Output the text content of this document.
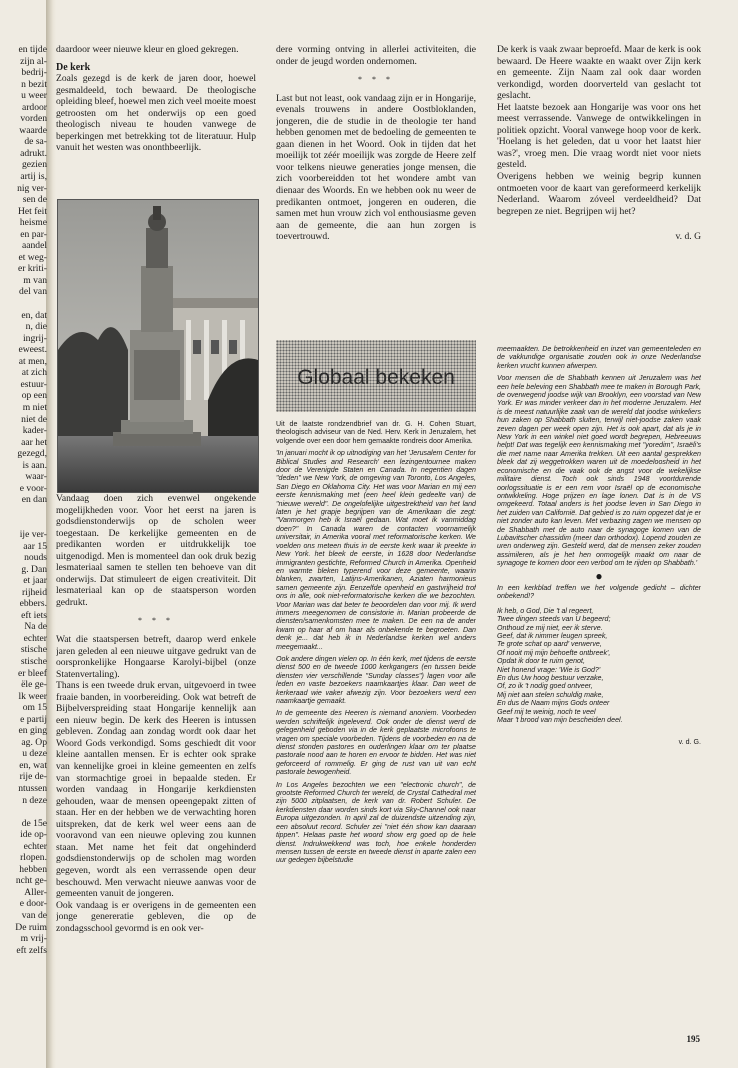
en tijde
zijn al-
bedrij-
n bezit
u weer
ardoor
vorden
waarde
de sa-
adrukt.
gezien
artij is,
nig ver-
sen de
Het feit
heisme
en par-
aandel
et weg-
er kriti-
m van
del van
en, dat
n, die
ingrij-
eweest.
at men,
at zich
estuur-
op een
m niet
niet de
kader-
aar het
gezegd,
is aan.
waar-
e voor-
en dan
ije ver-
aar 15
nouds
g. Dan
et jaar
rijheid
ebbers.
eft iets
Na de
echter
stische
stische
er bleef
ële ge-
lk weer
om 15
e partij
en ging
ag. Op
u deze
en, wat
rije de-
ntussen
n deze
de 15e
ide op-
echter
rlopen.
hebben
ncht ge-
Aller-
e door-
van de
De ruim
m vrij-
eft zelfs

daardoor weer nieuwe kleur en gloed gekregen.

De kerk

Zoals gezegd is de kerk de jaren door, hoewel gesmaldeeld, toch bewaard. De theologische opleiding bleef, hoewel men zich veel moeite moest getroosten om het onderwijs op een goed theologisch niveau te houden vanwege de beperkingen met betrekking tot de literatuur. Hulp vanuit het westen was ononthbeerlijk.

Vandaag doen zich evenwel ongekende mogelijkheden voor. Voor het eerst na jaren is godsdienstonderwijs op de scholen weer toegestaan. De kerkelijke gemeenten en de predikanten worden er uitdrukkelijk toe uitgenodigd. Men is momenteel dan ook druk bezig lesmateriaal samen te stellen ten behoeve van dit onderwijs. Dat stimuleert de eigen creativiteit. Dit lesmateriaal kan op de staatsperson worden gedrukt.

* * *

Wat die staatspersen betreft, daarop werd enkele jaren geleden al een nieuwe uitgave gedrukt van de oorspronkelijke Hongaarse Karolyi-bijbel (onze Statenvertaling).

Thans is een tweede druk ervan, uitgevoerd in twee fraaie banden, in voorbereiding. Ook wat betreft de Bijbelverspreiding staat Hongarije kennelijk aan een nieuw begin. De kerk des Heeren is intussen gebleven. Zondag aan zondag wordt ook daar het Woord Gods verkondigd. Soms geschiedt dit voor kleine aantallen mensen. Er is echter ook sprake van kennelijke groei in kleine gemeenten en zelfs van stormachtige groei in bepaalde steden. Er worden vandaag in Hongarije kerkdiensten gehouden, waar de mensen opeengepakt zitten of staan. Her en der hebben we de verwachting horen uitspreken, dat de kerk wel weer eens aan de vooravond van een nieuwe opleving zou kunnen staan. Met name het feit dat ongehinderd godsdienstonderwijs op de scholen mag worden gegeven, wordt als een verrassende open deur beschouwd. Men verwacht nieuwe aanwas voor de gemeenten vanuit de jongeren.

Ook vandaag is er overigens in de gemeenten een jonge genereratie gebleven, die op de zondagsschool gevormd is en ook ver-

dere vorming ontving in allerlei activiteiten, die onder de jeugd worden ondernomen.

* * *

Last but not least, ook vandaag zijn er in Hongarije, evenals trouwens in andere Oostbloklanden, jongeren, die de studie in de theologie ter hand hebben genomen met de bedoeling de gemeenten te gaan dienen in het Woord. Ook in tijden dat het moeilijk tot zéér moeilijk was zorgde de Heere zelf voor telkens nieuwe generaties jonge mensen, die zich voorbereidden tot het wondere ambt van dienaar des Woords. En we hebben ook nu weer de predikanten ontmoet, jongeren en ouderen, die samen met hun vrouw zich vol enthousiasme geven aan de gemeente, die aan hun zorgen is toevertrouwd.

De kerk is vaak zwaar beproefd. Maar de kerk is ook bewaard. De Heere waakte en waakt over Zijn kerk en gemeente. Zijn Naam zal ook daar worden verkondigd, worden doorverteld van geslacht tot geslacht.

Het laatste bezoek aan Hongarije was voor ons het meest verrassende. Vanwege de ontwikkelingen in politiek opzicht. Vooral vanwege hoop voor de kerk. 'Hoelang is het geleden, dat u voor het laatst hier was?', vroeg men. Die vraag wordt niet voor niets gesteld.

Overigens hebben we weinig begrip kunnen ontmoeten voor de kaart van gereformeerd kerkelijk Nederland. Waarom zóveel verdeeldheid? Dat begrepen ze niet. Begrijpen wij het?

v. d. G
Globaal bekeken

Uit de laatste rondzendbrief van dr. G. H. Cohen Stuart, theologisch adviseur van de Ned. Herv. Kerk in Jeruzalem, het volgende over een door hem gemaakte rondreis door Amerika.

'In januari mocht ik op uitnodiging van het 'Jerusalem Center for Biblical Studies and Research' een lezingentournee maken door de Verenigde Staten en Canada. In negentien dagen "deden" we New York, de omgeving van Toronto, Los Angeles, San Diego en Oklahoma City. Het was voor Marian en mij een eerste kennismaking met (een heel klein gedeelte van) de "nieuwe wereld". De ongelofelijke uitgestrektheid van het land laten je het grapje begrijpen van de Amerikaan die zegt: "Vanmorgen heb ik Israël gedaan. Wat moet ik vanmiddag doen?" In Canada waren de contacten voornamelijk universitair, in Amerika vooral met reformatorische kerken. We voelden ons meteen thuis in de eerste kerk waar ik preekte in New York. het bleek de eerste, in 1628 door Nederlandse immigranten gestichte, Reformed Church in Amerika. Openheid en warmte bleken typerend voor deze gemeente, waarin blanken, zwarten, Latijns-Amerikanen, Aziaten harmonieus samen gemeente zijn. Eenzelfde openheid en gastvrijheid trof ons in alle, ook niet-reformatorische kerken die we bezochten. Voor Marian was dat beter te beoordelen dan voor mij. Ik werd immers meegenomen de consistorie in. Marian probeerde de diensten/samenkomsten mee te maken. De een na de ander kwam op haar af om haar als onbekende te begroeten. Dan denk je... dat heb ik in Nederlandse kerken wel anders meegemaakt...

Ook andere dingen vielen op. In één kerk, met tijdens de eerste dienst 500 en de tweede 1000 kerkgangers (en tussen beide diensten vier verschillende "Sunday classes") lagen voor alle leden en vaste bezoekers naamkaartjes klaar. Dan weet de kerkeraad wie vaker afwezig zijn. Voor bezoekers werd een naamkaartje gemaakt.

In de gemeente des Heeren is niemand anoniem. Voorbeden werden schriftelijk ingeleverd. Ook onder de dienst werd de gelegenheid geboden via in de kerk geplaatste microfoons te vragen om speciale voorbeden. Tijdens de voorbeden en na de dienst stonden pastores en ouderlingen klaar om ter plaatse pastorale nood aan te horen en ervoor te bidden. Het was niet geforceerd of rommelig. Er ging de rust van uit van echt pastorale bewogenheid.

In Los Angeles bezochten we een "electronic church", de grootste Reformed Church ter wereld, de Crystal Cathedral met zijn 5000 zitplaatsen, de kerk van dr. Robert Schuler. De kerkdiensten daar worden sinds kort via Sky-Channel ook naar Europa uitgezonden. In april zal de duizendste uitzending zijn, een absoluut record. Schuler zei "niet één show kan daaraan tippen". Helaas paste het woord show erg goed op de hele dienst. Indrukwekkend was toch, hoe enkele honderden mensen tussen de eerste en tweede dienst in aparte zalen een uur gedegen bijbelstudie

meemaakten. De betrokkenheid en inzet van gemeenteleden en de vakkundige organisatie zouden ook in onze Nederlandse kerken vrucht kunnen afwerpen.

Voor mensen die de Shabbath kennen uit Jeruzalem was het een hele beleving een Shabbath mee te maken in Borough Park, de overwegend joodse wijk van Brooklyn, een voorstad van New York. Er was minder verkeer dan in het moderne Jeruzalem. Het is de meest natuurlijke zaak van de wereld dat joodse winkeliers hun zaken op Shabbath sluiten, terwijl niet-joodse zaken vaak zeven dagen per week open zijn. Het is ook apart, dat als je in New York in een winkel niet goed wordt begrepen, Hebreeuws helpt! Dat was tegelijk een kennismaking met "yoredim", Israëli's die met name naar Amerika trekken. Uit een aantal gesprekken bleek dat zij weggetrokken waren uit de moedeloosheid in het economische en die vaak ook de angst voor de wekelijkse militaire dienst. Toch ook sinds 1948 voortdurende oorlogssituatie is er een rem voor Israël op de economische ontwikkeling. Hoge prijzen en lage lonen. Dat is in de VS omgekeerd. Totaal anders is het joodse leven in San Diego in het zuiden van Californië. Dat gebied is zo ruim opgezet dat je er niet zonder auto kan leven. Met verbazing zagen we mensen op de Shabbath met de auto naar de synagoge komen van de Lubavitscher chassidim (meer dan orthodox). Lopend zouden ze uren onderweg zijn. Gesteld werd, dat de mensen zeker zouden assimileren, als je het hen onmogelijk maakt om naar de synagoge te komen door een verbod om te rijden op Shabbath.'

●

In een kerkblad treffen we het volgende gedicht – dichter onbekend!?

Ik heb, o God, Die 't al regeert,
Twee dingen steeds van U begeerd;
Onthoud ze mij niet, eer ik sterve.
Geef, dat ik nimmer leugen spreek,
Te grote schat op aard' verwerve,
Of nooit mij mijn behoefte ontbreek',
Opdat ik door te ruim genot,
Niet honend vrage: 'Wie is God?'
En dus Uw hoog bestuur verzake,
Of, zo ik 't nodig goed ontveer,
Mij niet aan stelen schuldig make,
En dus de Naam mijns Gods onteer
Geef mij te weinig, noch te veel
Maar 't brood van mijn bescheiden deel.
v. d. G.
195
